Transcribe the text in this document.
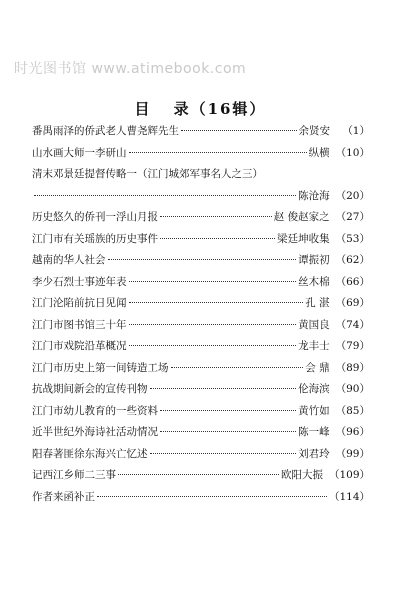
时光图书馆 www.atimebook.com
目 录（16辑）
番禺雨泽的侨武老人曹尧辉先生	余贤安	（1）
山水画大师一李研山	纵横 （10）
清末邓景廷提督传略一（江门城郊军事名人之三）
陈沧海 （20）
历史悠久的侨刊一浮山月报	赵 俊赵家之 （27）
江门市有关瑶族的历史事件	梁廷坤收集 （53）
越南的华人社会	谭振初 （62）
李少石烈士事迹年表	丝木棉 （66）
江门沦陷前抗日见闻	孔 湛 （69）
江门市图书馆三十年	黄国良 （74）
江门市戏院沿革概况	龙丰士 （79）
江门市历史上第一间铸造工场	会 鼎 （89）
抗战期间新会的宣传刊物	伦海滨 （90）
江门市幼儿教育的一些资料	黄竹如 （85）
近半世纪外海诗社活动情况	陈一峰 （96）
阳春著匪徐东海兴亡忆述	刘君玲 （99）
记西江乡师二三事	欧阳大振 （109）
作者来函补正	（114）
